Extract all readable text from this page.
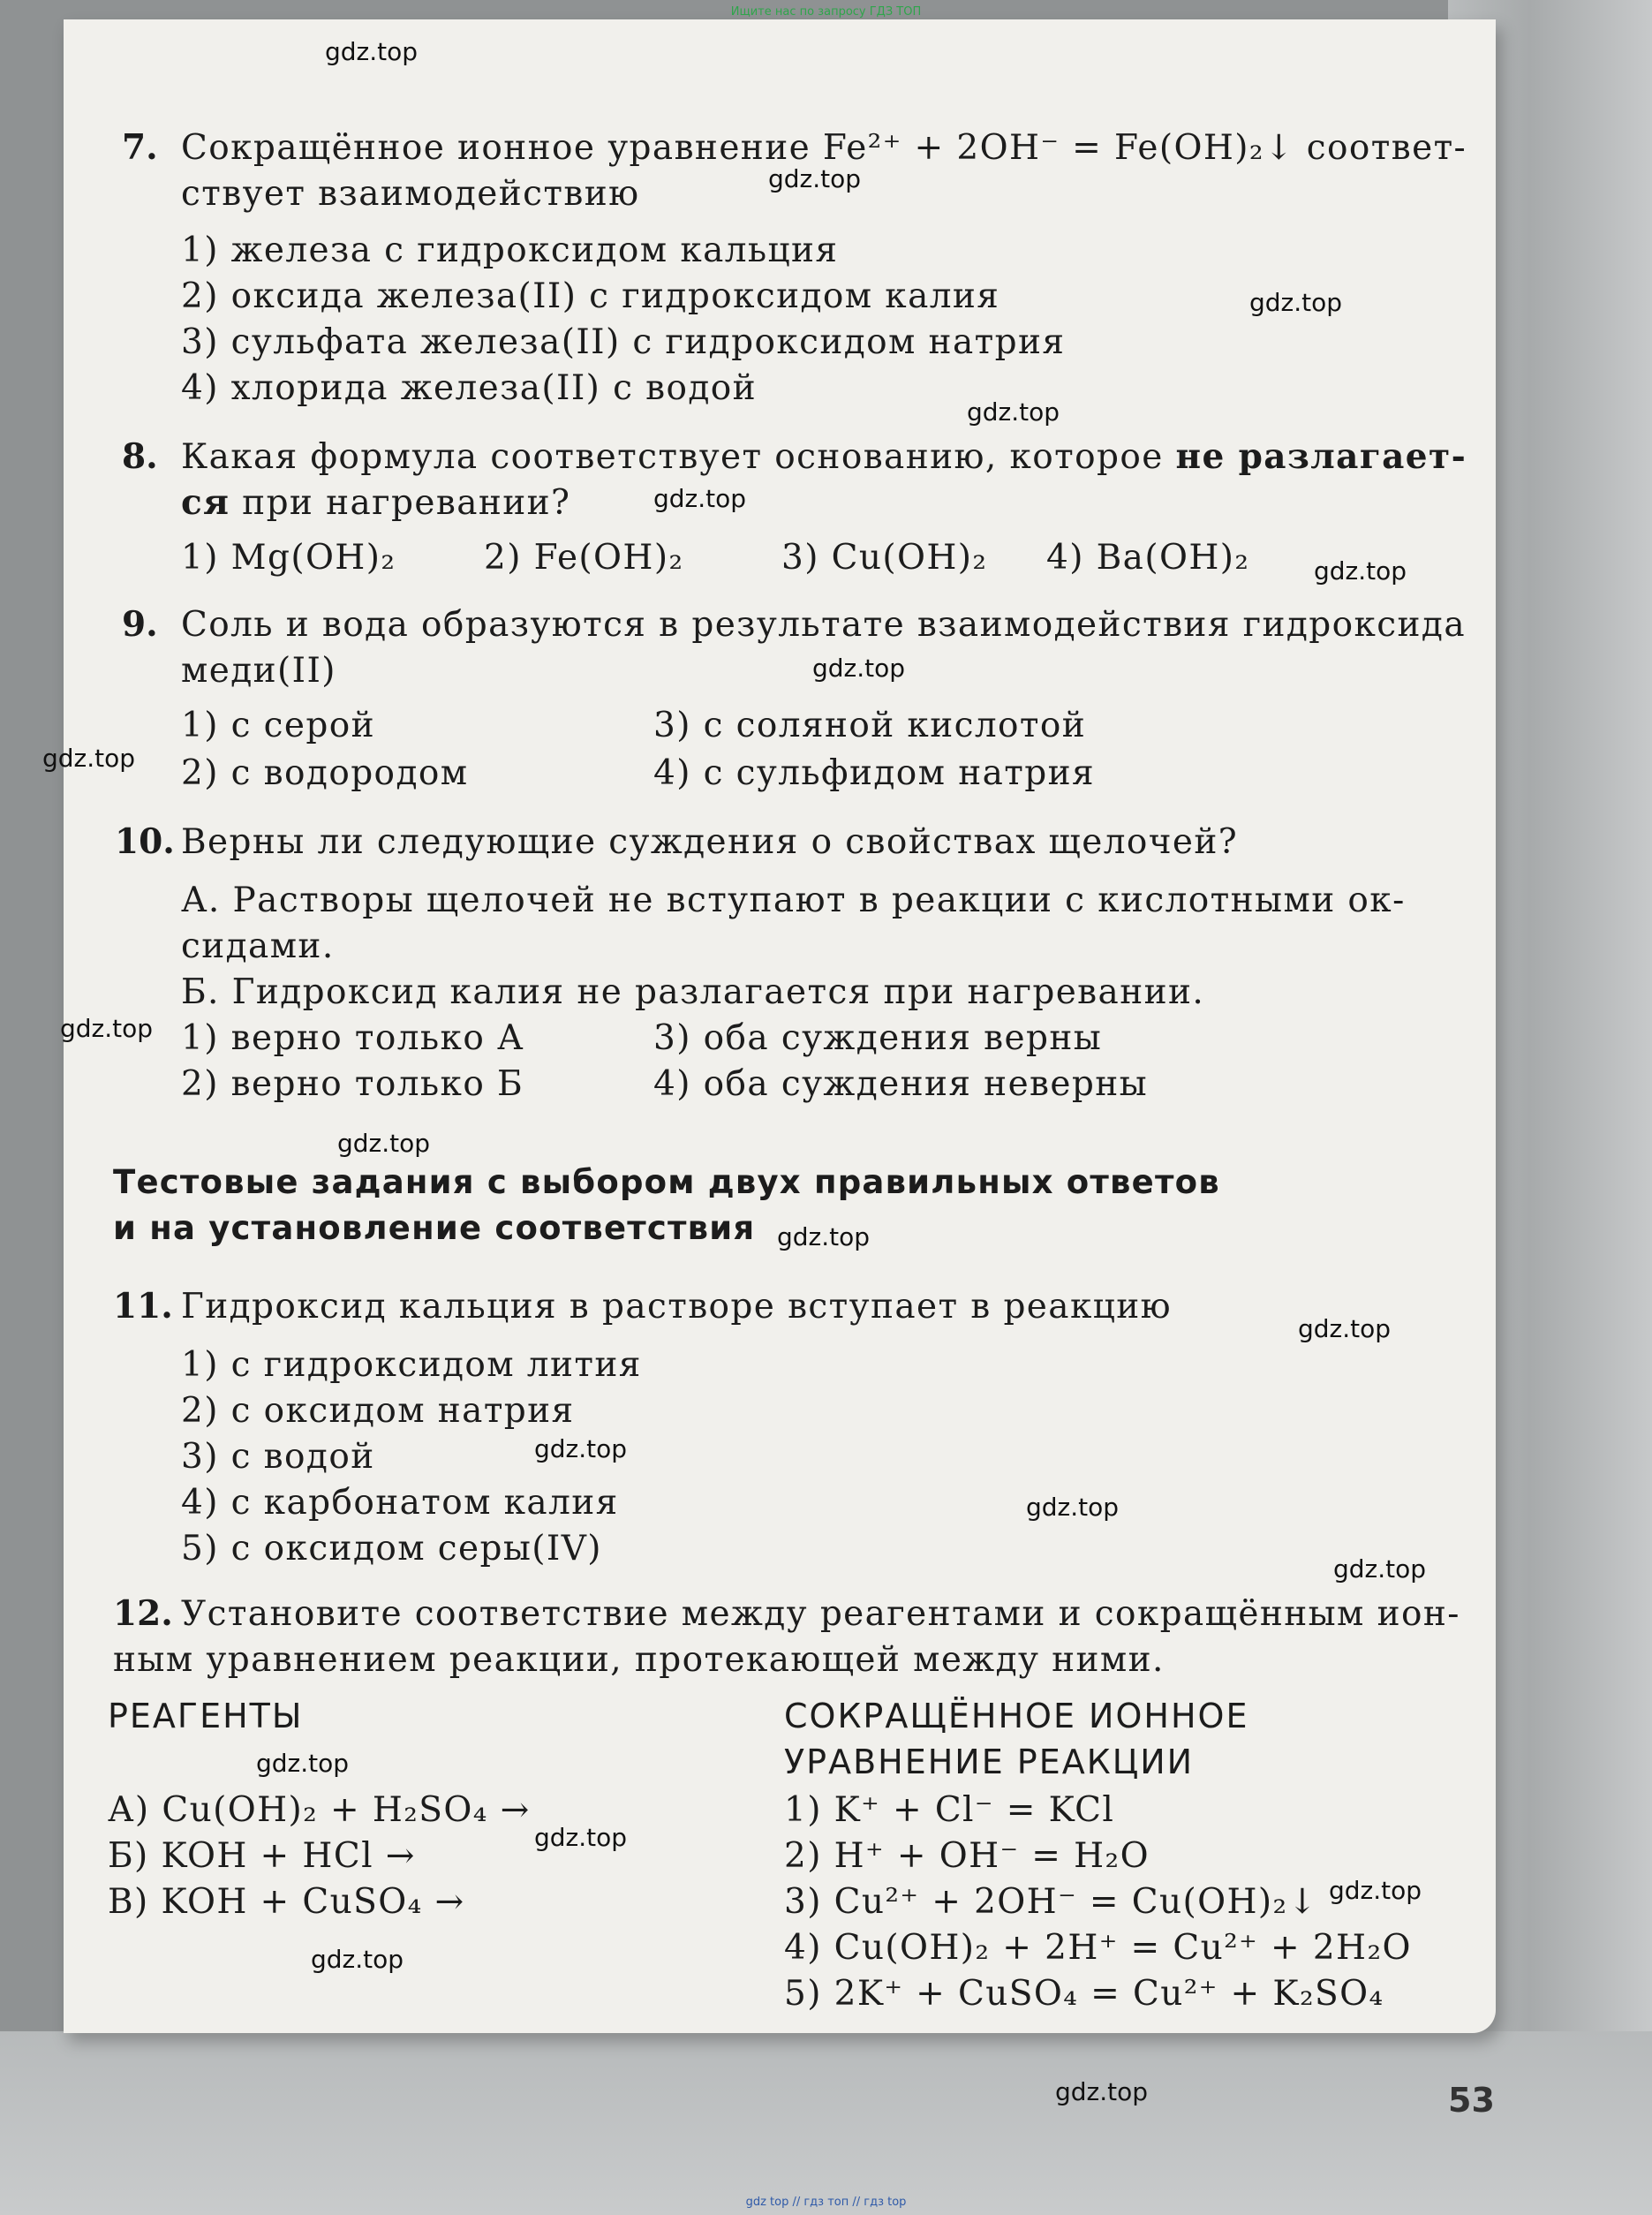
Ищите нас по запросу ГДЗ ТОП
gdz top // гдз топ // гдз top
7. Сокращённое ионное уравнение Fe²⁺ + 2OH⁻ = Fe(OH)₂↓ соответ-
ствует взаимодействию
1) железа с гидроксидом кальция
2) оксида железа(II) с гидроксидом калия
3) сульфата железа(II) с гидроксидом натрия
4) хлорида железа(II) с водой
8. Какая формула соответствует основанию, которое не разлагает-
ся при нагревании?
1) Mg(OH)₂	2) Fe(OH)₂	3) Cu(OH)₂ 4) Ba(OH)₂
9. Соль и вода образуются в результате взаимодействия гидроксида
меди(II)
1) с серой	3) с соляной кислотой
2) с водородом	4) с сульфидом натрия
10. Верны ли следующие суждения о свойствах щелочей?
А. Растворы щелочей не вступают в реакции с кислотными ок-
сидами.
Б. Гидроксид калия не разлагается при нагревании.
1) верно только А	3) оба суждения верны
2) верно только Б	4) оба суждения неверны
Тестовые задания с выбором двух правильных ответов
и на установление соответствия
11. Гидроксид кальция в растворе вступает в реакцию
1) с гидроксидом лития
2) с оксидом натрия
3) с водой
4) с карбонатом калия
5) с оксидом серы(IV)
12. Установите соответствие между реагентами и сокращённым ион-
ным уравнением реакции, протекающей между ними.
РЕАГЕНТЫ	СОКРАЩЁННОЕ ИОННОЕ
УРАВНЕНИЕ РЕАКЦИИ
А) Cu(OH)₂ + H₂SO₄ →
Б) KOH + HCl →
В) KOH + CuSO₄ →
1) K⁺ + Cl⁻ = KCl
2) H⁺ + OH⁻ = H₂O
3) Cu²⁺ + 2OH⁻ = Cu(OH)₂↓
4) Cu(OH)₂ + 2H⁺ = Cu²⁺ + 2H₂O
5) 2K⁺ + CuSO₄ = Cu²⁺ + K₂SO₄
gdz.top
gdz.top
gdz.top
gdz.top
gdz.top
gdz.top
gdz.top
gdz.top
gdz.top
gdz.top
gdz.top
gdz.top
gdz.top
gdz.top
gdz.top
gdz.top
gdz.top
gdz.top
gdz.top
gdz.top	53
